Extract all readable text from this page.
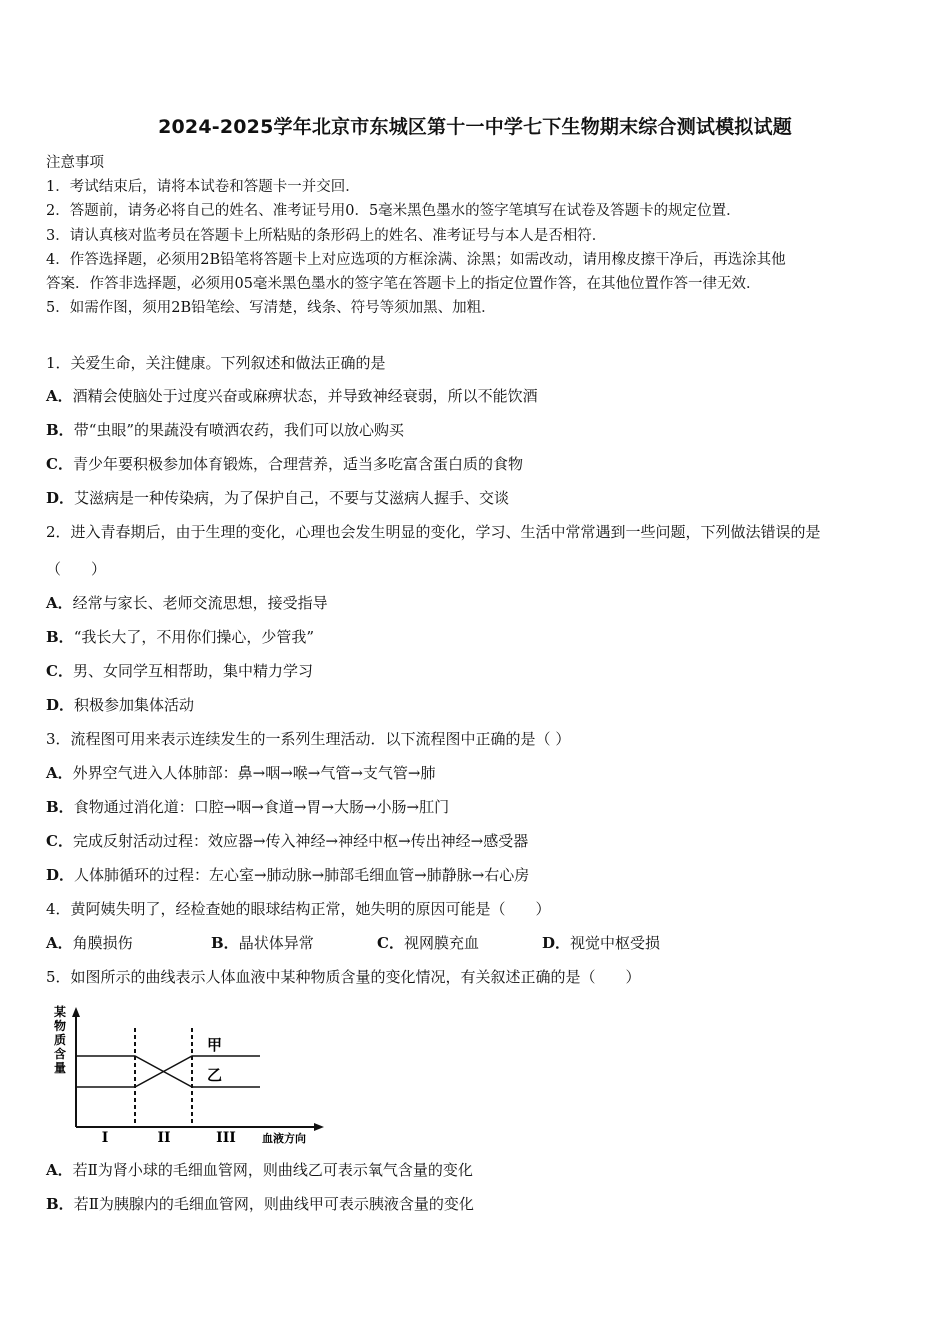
2024-2025学年北京市东城区第十一中学七下生物期末综合测试模拟试题
注意事项
1．考试结束后，请将本试卷和答题卡一并交回．
2．答题前，请务必将自己的姓名、准考证号用0．5毫米黑色墨水的签字笔填写在试卷及答题卡的规定位置．
3．请认真核对监考员在答题卡上所粘贴的条形码上的姓名、准考证号与本人是否相符．
4．作答选择题，必须用2B铅笔将答题卡上对应选项的方框涂满、涂黑；如需改动，请用橡皮擦干净后，再选涂其他
答案．作答非选择题，必须用05毫米黑色墨水的签字笔在答题卡上的指定位置作答，在其他位置作答一律无效．
5．如需作图，须用2B铅笔绘、写清楚，线条、符号等须加黑、加粗．
1．关爱生命，关注健康。下列叙述和做法正确的是
A．酒精会使脑处于过度兴奋或麻痹状态，并导致神经衰弱，所以不能饮酒
B．带“虫眼”的果蔬没有喷洒农药，我们可以放心购买
C．青少年要积极参加体育锻炼，合理营养，适当多吃富含蛋白质的食物
D．艾滋病是一种传染病，为了保护自己，不要与艾滋病人握手、交谈
2．进入青春期后，由于生理的变化，心理也会发生明显的变化，学习、生活中常常遇到一些问题，下列做法错误的是
（　　）
A．经常与家长、老师交流思想，接受指导
B．“我长大了，不用你们操心，少管我”
C．男、女同学互相帮助，集中精力学习
D．积极参加集体活动
3．流程图可用来表示连续发生的一系列生理活动．以下流程图中正确的是（ ）
A．外界空气进入人体肺部：鼻→咽→喉→气管→支气管→肺
B．食物通过消化道：口腔→咽→食道→胃→大肠→小肠→肛门
C．完成反射活动过程：效应器→传入神经→神经中枢→传出神经→感受器
D．人体肺循环的过程：左心室→肺动脉→肺部毛细血管→肺静脉→右心房
4．黄阿姨失明了，经检查她的眼球结构正常，她失明的原因可能是（　　）
A．角膜损伤	B．晶状体异常	C．视网膜充血	D．视觉中枢受损
5．如图所示的曲线表示人体血液中某种物质含量的变化情况，有关叙述正确的是（　　）
某
物
质
含
量
甲
乙
I	II	III 血液方向
A．若Ⅱ为肾小球的毛细血管网，则曲线乙可表示氧气含量的变化
B．若Ⅱ为胰腺内的毛细血管网，则曲线甲可表示胰液含量的变化
